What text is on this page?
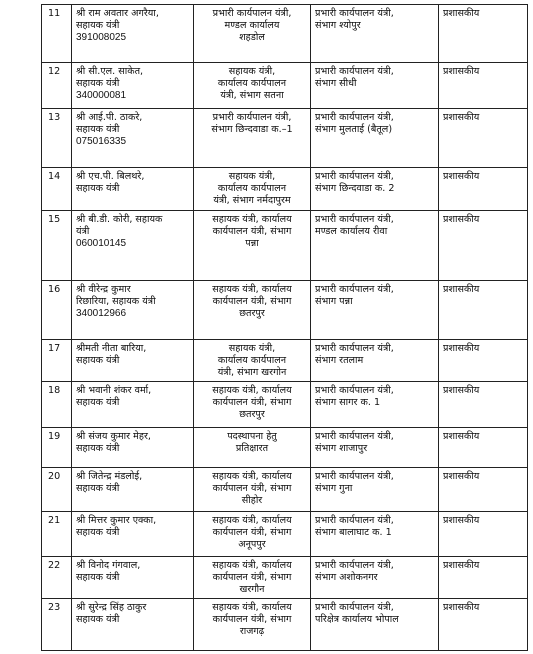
11	श्री राम अवतार अगरैया,
सहायक यंत्री
391008025	प्रभारी कार्यपालन यंत्री,
मण्डल कार्यालय
शहडोल	प्रभारी कार्यपालन यंत्री,
संभाग श्योपुर	प्रशासकीय
12	श्री सी.एल. साकेत,
सहायक यंत्री
340000081	सहायक यंत्री,
कार्यालय कार्यपालन
यंत्री, संभाग सतना	प्रभारी कार्यपालन यंत्री,
संभाग सीधी	प्रशासकीय
13	श्री आई.पी. ठाकरे,
सहायक यंत्री
075016335	प्रभारी कार्यपालन यंत्री,
संभाग छिन्दवाडा क.–1	प्रभारी कार्यपालन यंत्री,
संभाग मुलताई (बैतूल)	प्रशासकीय
14	श्री एच.पी. बिलथरे,
सहायक यंत्री	सहायक यंत्री,
कार्यालय कार्यपालन
यंत्री, संभाग नर्मदापुरम	प्रभारी कार्यपालन यंत्री,
संभाग छिन्दवाडा क. 2	प्रशासकीय
15	श्री बी.डी. कोरी, सहायक
यंत्री
060010145	सहायक यंत्री, कार्यालय
कार्यपालन यंत्री, संभाग
पन्ना	प्रभारी कार्यपालन यंत्री,
मण्डल कार्यालय रीवा	प्रशासकीय
16	श्री वीरेन्द्र कुमार
रिछारिया, सहायक यंत्री
340012966	सहायक यंत्री, कार्यालय
कार्यपालन यंत्री, संभाग
छतरपुर	प्रभारी कार्यपालन यंत्री,
संभाग पन्ना	प्रशासकीय
17	श्रीमती नीता बारिया,
सहायक यंत्री	सहायक यंत्री,
कार्यालय कार्यपालन
यंत्री, संभाग खरगोन	प्रभारी कार्यपालन यंत्री,
संभाग रतलाम	प्रशासकीय
18	श्री भवानी शंकर वर्मा,
सहायक यंत्री	सहायक यंत्री, कार्यालय
कार्यपालन यंत्री, संभाग
छतरपुर	प्रभारी कार्यपालन यंत्री,
संभाग सागर क. 1	प्रशासकीय
19	श्री संजय कुमार मेहर,
सहायक यंत्री	पदस्थापना हेतु
प्रतिक्षारत	प्रभारी कार्यपालन यंत्री,
संभाग शाजापुर	प्रशासकीय
20	श्री जितेन्द्र मंडलोई,
सहायक यंत्री	सहायक यंत्री, कार्यालय
कार्यपालन यंत्री, संभाग
सीहोर	प्रभारी कार्यपालन यंत्री,
संभाग गुना	प्रशासकीय
21	श्री मित्तर कुमार एक्का,
सहायक यंत्री	सहायक यंत्री, कार्यालय
कार्यपालन यंत्री, संभाग
अनूपपुर	प्रभारी कार्यपालन यंत्री,
संभाग बालाघाट क. 1	प्रशासकीय
22	श्री विनोद गंगवाल,
सहायक यंत्री	सहायक यंत्री, कार्यालय
कार्यपालन यंत्री, संभाग
खरगौन	प्रभारी कार्यपालन यंत्री,
संभाग अशोकनगर	प्रशासकीय
23	श्री सुरेन्द्र सिंह ठाकुर
सहायक यंत्री	सहायक यंत्री, कार्यालय
कार्यपालन यंत्री, संभाग
राजगढ़	प्रभारी कार्यपालन यंत्री,
परिक्षेत्र कार्यालय भोपाल	प्रशासकीय
